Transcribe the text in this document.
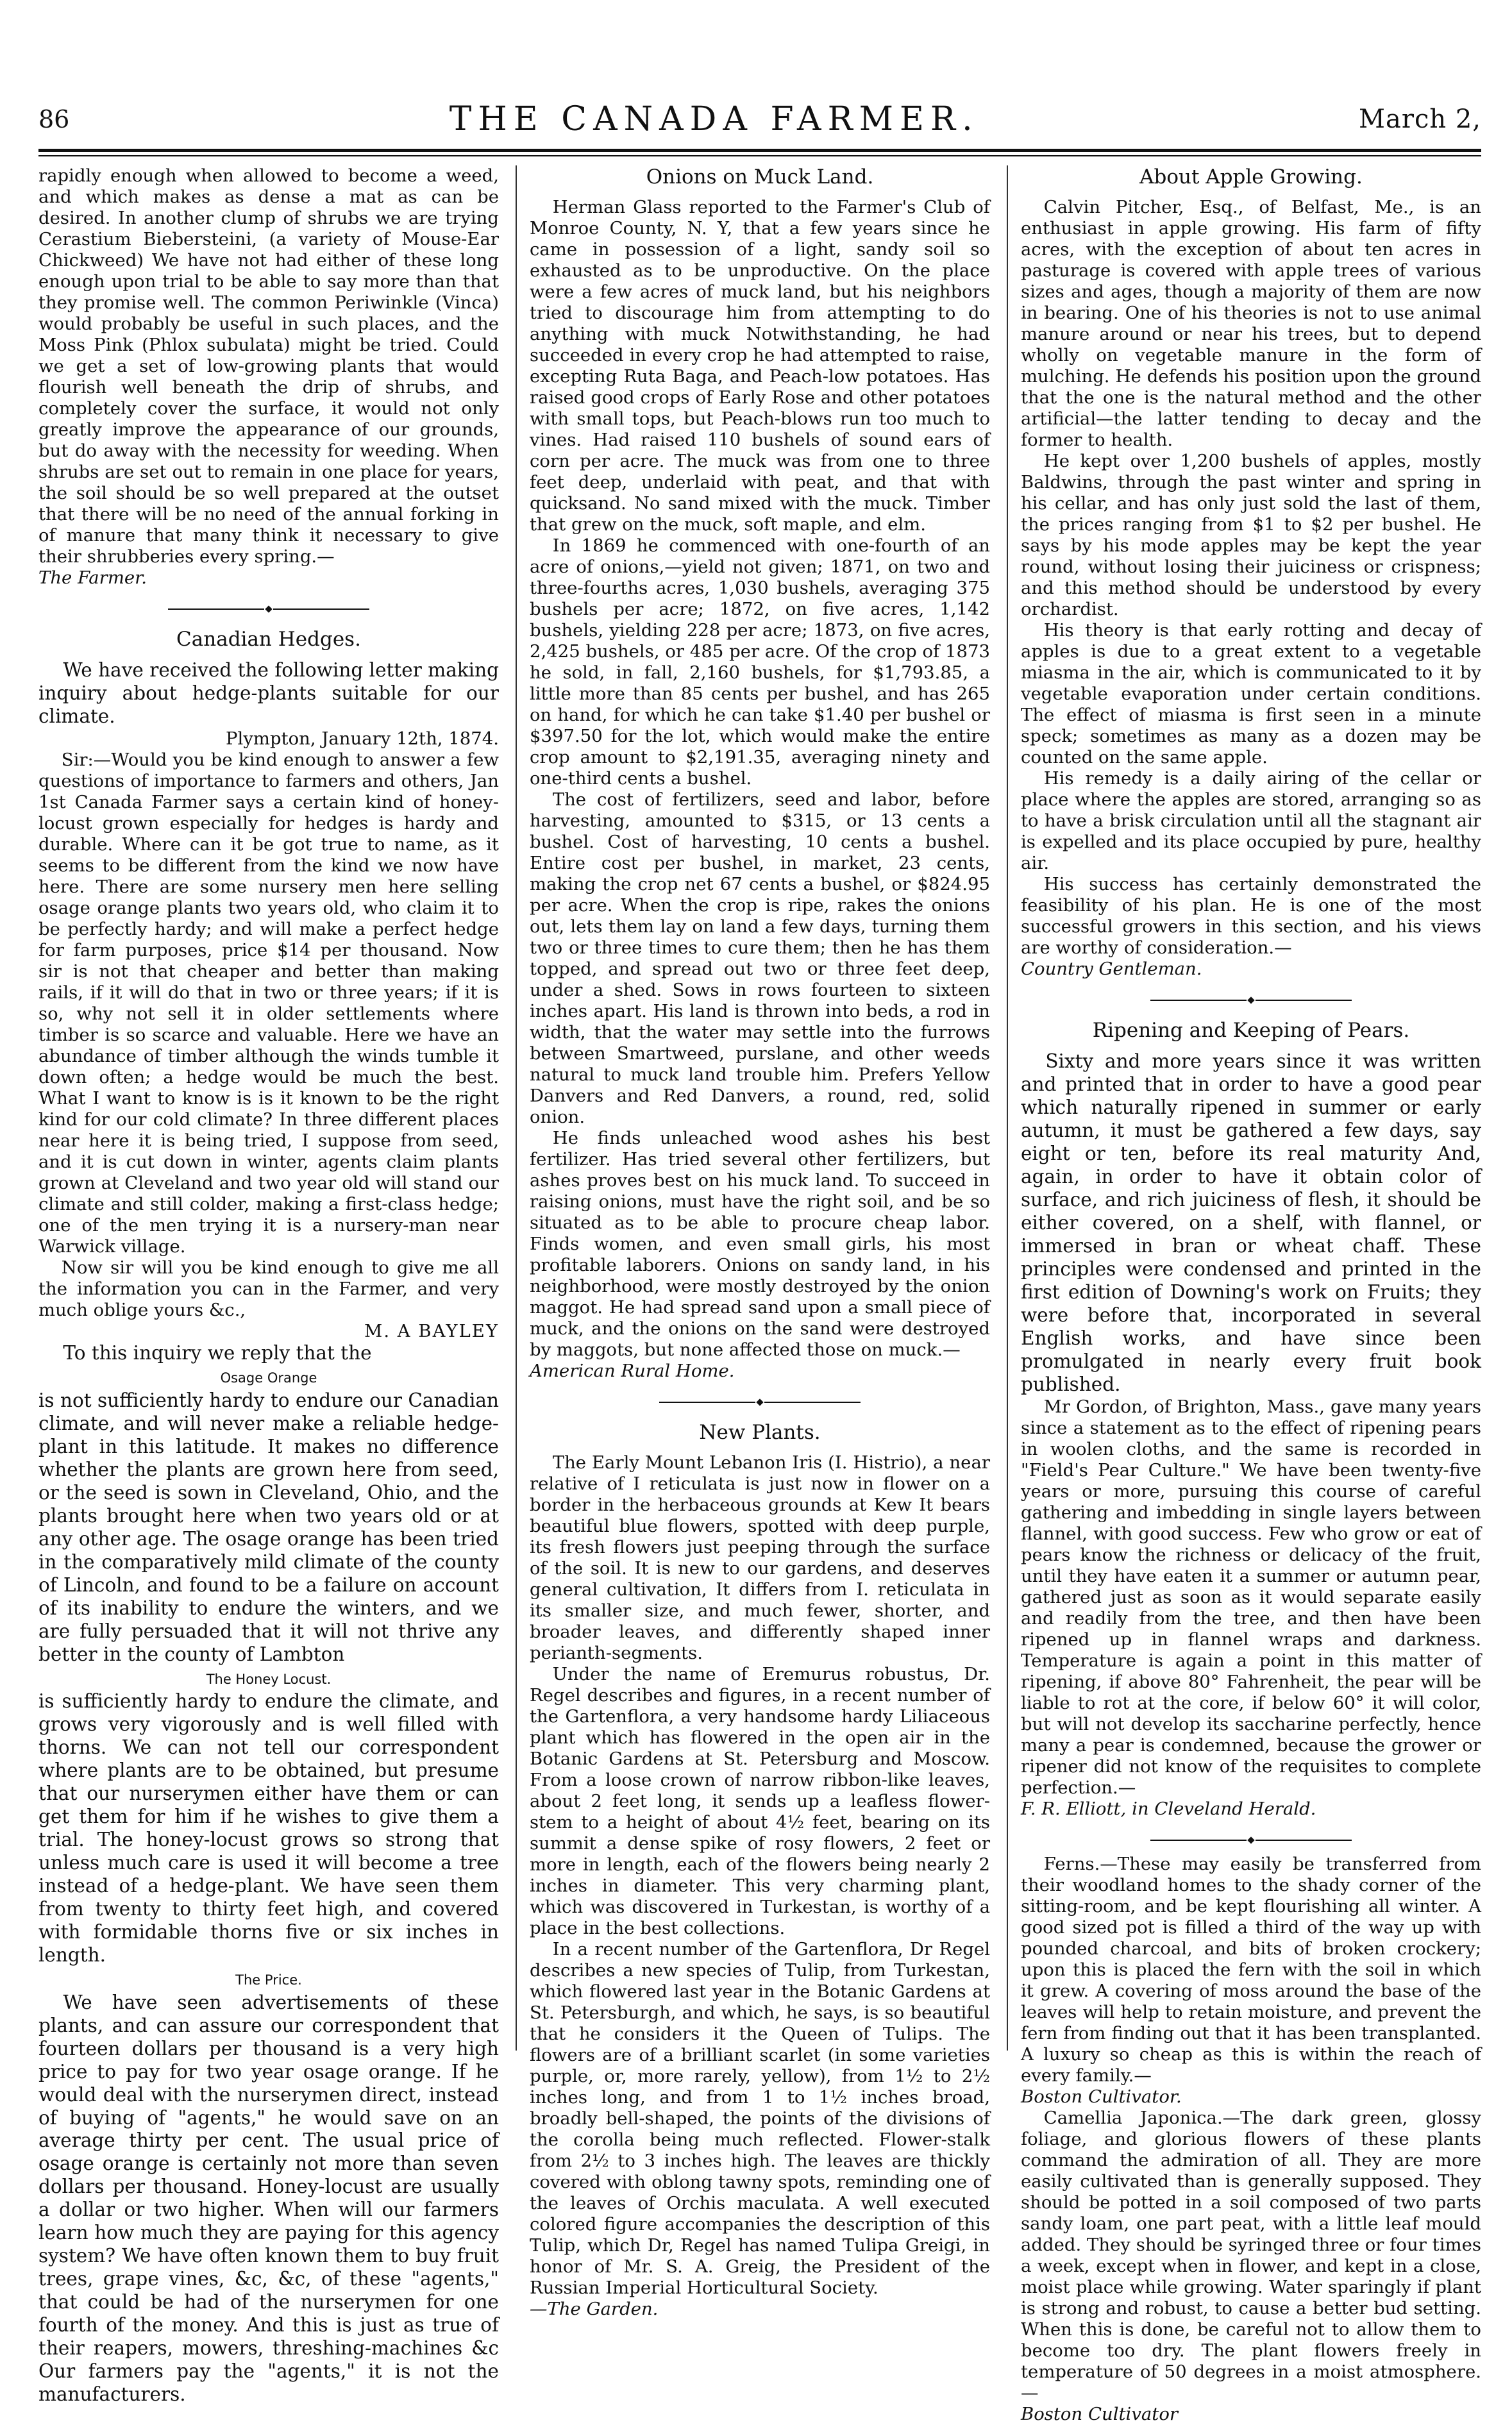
86	THE CANADA FARMER.	March 2,

rapidly enough when allowed to become a weed, and which makes as dense a mat as can be desired. In another clump of shrubs we are trying Cerastium Biebersteini, (a variety of Mouse-Ear Chickweed) We have not had either of these long enough upon trial to be able to say more than that they promise well. The common Periwinkle (Vinca) would probably be useful in such places, and the Moss Pink (Phlox subulata) might be tried. Could we get a set of low-growing plants that would flourish well beneath the drip of shrubs, and completely cover the surface, it would not only greatly improve the appearance of our grounds, but do away with the necessity for weeding. When shrubs are set out to remain in one place for years, the soil should be so well prepared at the outset that there will be no need of the annual forking in of manure that many think it necessary to give their shrubberies every spring.—

The Farmer.

Canadian Hedges.

We have received the following letter making inquiry about hedge-plants suitable for our climate.

Plympton, January 12th, 1874.

Sir:—Would you be kind enough to answer a few questions of importance to farmers and others, Jan 1st Canada Farmer says a certain kind of honey-locust grown especially for hedges is hardy and durable. Where can it be got true to name, as it seems to be different from the kind we now have here. There are some nursery men here selling osage orange plants two years old, who claim it to be perfectly hardy; and will make a perfect hedge for farm purposes, price $14 per thousand. Now sir is not that cheaper and better than making rails, if it will do that in two or three years; if it is so, why not sell it in older settlements where timber is so scarce and valuable. Here we have an abundance of timber although the winds tumble it down often; a hedge would be much the best. What I want to know is is it known to be the right kind for our cold climate? In three different places near here it is being tried, I suppose from seed, and it is cut down in winter, agents claim plants grown at Cleveland and two year old will stand our climate and still colder, making a first-class hedge; one of the men trying it is a nursery-man near Warwick village.

Now sir will you be kind enough to give me all the information you can in the Farmer, and very much oblige yours &c.,

M. A BAYLEY

To this inquiry we reply that the

Osage Orange

is not sufficiently hardy to endure our Canadian climate, and will never make a reliable hedge-plant in this latitude. It makes no difference whether the plants are grown here from seed, or the seed is sown in Cleveland, Ohio, and the plants brought here when two years old or at any other age. The osage orange has been tried in the comparatively mild climate of the county of Lincoln, and found to be a failure on account of its inability to endure the winters, and we are fully persuaded that it will not thrive any better in the county of Lambton

The Honey Locust.

is sufficiently hardy to endure the climate, and grows very vigorously and is well filled with thorns. We can not tell our correspondent where plants are to be obtained, but presume that our nurserymen either have them or can get them for him if he wishes to give them a trial. The honey-locust grows so strong that unless much care is used it will become a tree instead of a hedge-plant. We have seen them from twenty to thirty feet high, and covered with formidable thorns five or six inches in length.

The Price.

We have seen advertisements of these plants, and can assure our correspondent that fourteen dollars per thousand is a very high price to pay for two year osage orange. If he would deal with the nurserymen direct, instead of buying of "agents," he would save on an average thirty per cent. The usual price of osage orange is certainly not more than seven dollars per thousand. Honey-locust are usually a dollar or two higher. When will our farmers learn how much they are paying for this agency system? We have often known them to buy fruit trees, grape vines, &c, &c, of these "agents," that could be had of the nurserymen for one fourth of the money. And this is just as true of their reapers, mowers, threshing-machines &c Our farmers pay the "agents," it is not the manufacturers.

Onions on Muck Land.

Herman Glass reported to the Farmer's Club of Monroe County, N. Y, that a few years since he came in possession of a light, sandy soil so exhausted as to be unproductive. On the place were a few acres of muck land, but his neighbors tried to discourage him from attempting to do anything with muck Notwithstanding, he had succeeded in every crop he had attempted to raise, excepting Ruta Baga, and Peach-low potatoes. Has raised good crops of Early Rose and other potatoes with small tops, but Peach-blows run too much to vines. Had raised 110 bushels of sound ears of corn per acre. The muck was from one to three feet deep, underlaid with peat, and that with quicksand. No sand mixed with the muck. Timber that grew on the muck, soft maple, and elm.

In 1869 he commenced with one-fourth of an acre of onions,—yield not given; 1871, on two and three-fourths acres, 1,030 bushels, averaging 375 bushels per acre; 1872, on five acres, 1,142 bushels, yielding 228 per acre; 1873, on five acres, 2,425 bushels, or 485 per acre. Of the crop of 1873 he sold, in fall, 2,160 bushels, for $1,793.85, a little more than 85 cents per bushel, and has 265 on hand, for which he can take $1.40 per bushel or $397.50 for the lot, which would make the entire crop amount to $2,191.35, averaging ninety and one-third cents a bushel.

The cost of fertilizers, seed and labor, before harvesting, amounted to $315, or 13 cents a bushel. Cost of harvesting, 10 cents a bushel. Entire cost per bushel, in market, 23 cents, making the crop net 67 cents a bushel, or $824.95 per acre. When the crop is ripe, rakes the onions out, lets them lay on land a few days, turning them two or three times to cure them; then he has them topped, and spread out two or three feet deep, under a shed. Sows in rows fourteen to sixteen inches apart. His land is thrown into beds, a rod in width, that the water may settle into the furrows between Smartweed, purslane, and other weeds natural to muck land trouble him. Prefers Yellow Danvers and Red Danvers, a round, red, solid onion.

He finds unleached wood ashes his best fertilizer. Has tried several other fertilizers, but ashes proves best on his muck land. To succeed in raising onions, must have the right soil, and be so situated as to be able to procure cheap labor. Finds women, and even small girls, his most profitable laborers. Onions on sandy land, in his neighborhood, were mostly destroyed by the onion maggot. He had spread sand upon a small piece of muck, and the onions on the sand were destroyed by maggots, but none affected those on muck.—

American Rural Home.

New Plants.

The Early Mount Lebanon Iris (I. Histrio), a near relative of I reticulata is just now in flower on a border in the herbaceous grounds at Kew It bears beautiful blue flowers, spotted with deep purple, its fresh flowers just peeping through the surface of the soil. It is new to our gardens, and deserves general cultivation, It differs from I. reticulata in its smaller size, and much fewer, shorter, and broader leaves, and differently shaped inner perianth-segments.

Under the name of Eremurus robustus, Dr. Regel describes and figures, in a recent number of the Gartenflora, a very handsome hardy Liliaceous plant which has flowered in the open air in the Botanic Gardens at St. Petersburg and Moscow. From a loose crown of narrow ribbon-like leaves, about 2 feet long, it sends up a leafless flower-stem to a height of about 4½ feet, bearing on its summit a dense spike of rosy flowers, 2 feet or more in length, each of the flowers being nearly 2 inches in diameter. This very charming plant, which was discovered in Turkestan, is worthy of a place in the best collections.

In a recent number of the Gartenflora, Dr Regel describes a new species of Tulip, from Turkestan, which flowered last year in the Botanic Gardens at St. Petersburgh, and which, he says, is so beautiful that he considers it the Queen of Tulips. The flowers are of a brilliant scarlet (in some varieties purple, or, more rarely, yellow), from 1½ to 2½ inches long, and from 1 to 1½ inches broad, broadly bell-shaped, the points of the divisions of the corolla being much reflected. Flower-stalk from 2½ to 3 inches high. The leaves are thickly covered with oblong tawny spots, reminding one of the leaves of Orchis maculata. A well executed colored figure accompanies the description of this Tulip, which Dr, Regel has named Tulipa Greigi, in honor of Mr. S. A. Greig, the President of the Russian Imperial Horticultural Society.

—The Garden.

About Apple Growing.

Calvin Pitcher, Esq., of Belfast, Me., is an enthusiast in apple growing. His farm of fifty acres, with the exception of about ten acres in pasturage is covered with apple trees of various sizes and ages, though a majority of them are now in bearing. One of his theories is not to use animal manure around or near his trees, but to depend wholly on vegetable manure in the form of mulching. He defends his position upon the ground that the one is the natural method and the other artificial—the latter tending to decay and the former to health.

He kept over 1,200 bushels of apples, mostly Baldwins, through the past winter and spring in his cellar, and has only just sold the last of them, the prices ranging from $1 to $2 per bushel. He says by his mode apples may be kept the year round, without losing their juiciness or crispness; and this method should be understood by every orchardist.

His theory is that early rotting and decay of apples is due to a great extent to a vegetable miasma in the air, which is communicated to it by vegetable evaporation under certain conditions. The effect of miasma is first seen in a minute speck; sometimes as many as a dozen may be counted on the same apple.

His remedy is a daily airing of the cellar or place where the apples are stored, arranging so as to have a brisk circulation until all the stagnant air is expelled and its place occupied by pure, healthy air.

His success has certainly demonstrated the feasibility of his plan. He is one of the most successful growers in this section, and his views are worthy of consideration.—

Country Gentleman.

Ripening and Keeping of Pears.

Sixty and more years since it was written and printed that in order to have a good pear which naturally ripened in summer or early autumn, it must be gathered a few days, say eight or ten, before its real maturity And, again, in order to have it obtain color of surface, and rich juiciness of flesh, it should be either covered, on a shelf, with flannel, or immersed in bran or wheat chaff. These principles were condensed and printed in the first edition of Downing's work on Fruits; they were before that, incorporated in several English works, and have since been promulgated in nearly every fruit book published.

Mr Gordon, of Brighton, Mass., gave many years since a statement as to the effect of ripening pears in woolen cloths, and the same is recorded in "Field's Pear Culture." We have been twenty-five years or more, pursuing this course of careful gathering and imbedding in single layers between flannel, with good success. Few who grow or eat of pears know the richness or delicacy of the fruit, until they have eaten it a summer or autumn pear, gathered just as soon as it would separate easily and readily from the tree, and then have been ripened up in flannel wraps and darkness. Temperature is again a point in this matter of ripening, if above 80° Fahrenheit, the pear will be liable to rot at the core, if below 60° it will color, but will not develop its saccharine perfectly, hence many a pear is condemned, because the grower or ripener did not know of the requisites to complete perfection.—

F. R. Elliott, in Cleveland Herald.

Ferns.—These may easily be transferred from their woodland homes to the shady corner of the sitting-room, and be kept flourishing all winter. A good sized pot is filled a third of the way up with pounded charcoal, and bits of broken crockery; upon this is placed the fern with the soil in which it grew. A covering of moss around the base of the leaves will help to retain moisture, and prevent the fern from finding out that it has been transplanted. A luxury so cheap as this is within the reach of every family.—

Boston Cultivator.

Camellia Japonica.—The dark green, glossy foliage, and glorious flowers of these plants command the admiration of all. They are more easily cultivated than is generally supposed. They should be potted in a soil composed of two parts sandy loam, one part peat, with a little leaf mould added. They should be syringed three or four times a week, except when in flower, and kept in a close, moist place while growing. Water sparingly if plant is strong and robust, to cause a better bud setting. When this is done, be careful not to allow them to become too dry. The plant flowers freely in temperature of 50 degrees in a moist atmosphere.—

Boston Cultivator
